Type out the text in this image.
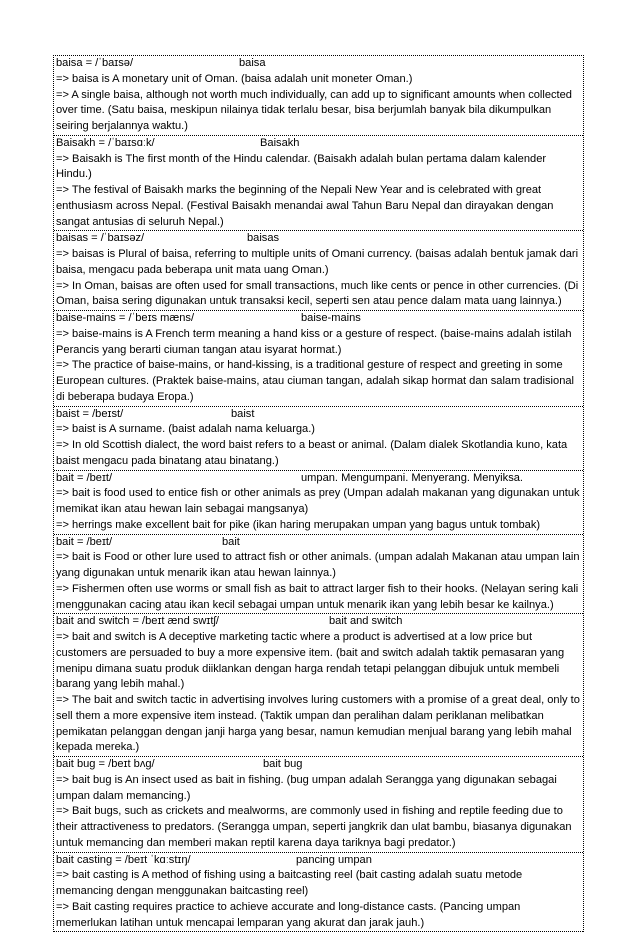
baisa = /ˈbaɪsə/	baisa
=> baisa is A monetary unit of Oman. (baisa adalah unit moneter Oman.)
=> A single baisa, although not worth much individually, can add up to significant amounts when collected over time. (Satu baisa, meskipun nilainya tidak terlalu besar, bisa berjumlah banyak bila dikumpulkan seiring berjalannya waktu.)
Baisakh = /ˈbaɪsɑːk/	Baisakh
=> Baisakh is The first month of the Hindu calendar. (Baisakh adalah bulan pertama dalam kalender Hindu.)
=> The festival of Baisakh marks the beginning of the Nepali New Year and is celebrated with great enthusiasm across Nepal. (Festival Baisakh menandai awal Tahun Baru Nepal dan dirayakan dengan sangat antusias di seluruh Nepal.)
baisas = /ˈbaɪsəz/	baisas
=> baisas is Plural of baisa, referring to multiple units of Omani currency. (baisas adalah bentuk jamak dari baisa, mengacu pada beberapa unit mata uang Oman.)
=> In Oman, baisas are often used for small transactions, much like cents or pence in other currencies. (Di Oman, baisa sering digunakan untuk transaksi kecil, seperti sen atau pence dalam mata uang lainnya.)
baise-mains = /ˈbeɪs mæns/	baise-mains
=> baise-mains is A French term meaning a hand kiss or a gesture of respect. (baise-mains adalah istilah Perancis yang berarti ciuman tangan atau isyarat hormat.)
=> The practice of baise-mains, or hand-kissing, is a traditional gesture of respect and greeting in some European cultures. (Praktek baise-mains, atau ciuman tangan, adalah sikap hormat dan salam tradisional di beberapa budaya Eropa.)
baist = /beɪst/	baist
=> baist is A surname. (baist adalah nama keluarga.)
=> In old Scottish dialect, the word baist refers to a beast or animal. (Dalam dialek Skotlandia kuno, kata baist mengacu pada binatang atau binatang.)
bait = /beɪt/	umpan. Mengumpani. Menyerang. Menyiksa.
=> bait is food used to entice fish or other animals as prey (Umpan adalah makanan yang digunakan untuk memikat ikan atau hewan lain sebagai mangsanya)
=> herrings make excellent bait for pike (ikan haring merupakan umpan yang bagus untuk tombak)
bait = /beɪt/	bait
=> bait is Food or other lure used to attract fish or other animals. (umpan adalah Makanan atau umpan lain yang digunakan untuk menarik ikan atau hewan lainnya.)
=> Fishermen often use worms or small fish as bait to attract larger fish to their hooks. (Nelayan sering kali menggunakan cacing atau ikan kecil sebagai umpan untuk menarik ikan yang lebih besar ke kailnya.)
bait and switch = /beɪt ænd swɪtʃ/	bait and switch
=> bait and switch is A deceptive marketing tactic where a product is advertised at a low price but customers are persuaded to buy a more expensive item. (bait and switch adalah taktik pemasaran yang menipu dimana suatu produk diiklankan dengan harga rendah tetapi pelanggan dibujuk untuk membeli barang yang lebih mahal.)
=> The bait and switch tactic in advertising involves luring customers with a promise of a great deal, only to sell them a more expensive item instead. (Taktik umpan dan peralihan dalam periklanan melibatkan pemikatan pelanggan dengan janji harga yang besar, namun kemudian menjual barang yang lebih mahal kepada mereka.)
bait bug = /beɪt bʌɡ/	bait bug
=> bait bug is An insect used as bait in fishing. (bug umpan adalah Serangga yang digunakan sebagai umpan dalam memancing.)
=> Bait bugs, such as crickets and mealworms, are commonly used in fishing and reptile feeding due to their attractiveness to predators. (Serangga umpan, seperti jangkrik dan ulat bambu, biasanya digunakan untuk memancing dan memberi makan reptil karena daya tariknya bagi predator.)
bait casting = /beɪt ˈkɑːstɪŋ/	pancing umpan
=> bait casting is A method of fishing using a baitcasting reel (bait casting adalah suatu metode memancing dengan menggunakan baitcasting reel)
=> Bait casting requires practice to achieve accurate and long-distance casts. (Pancing umpan memerlukan latihan untuk mencapai lemparan yang akurat dan jarak jauh.)
